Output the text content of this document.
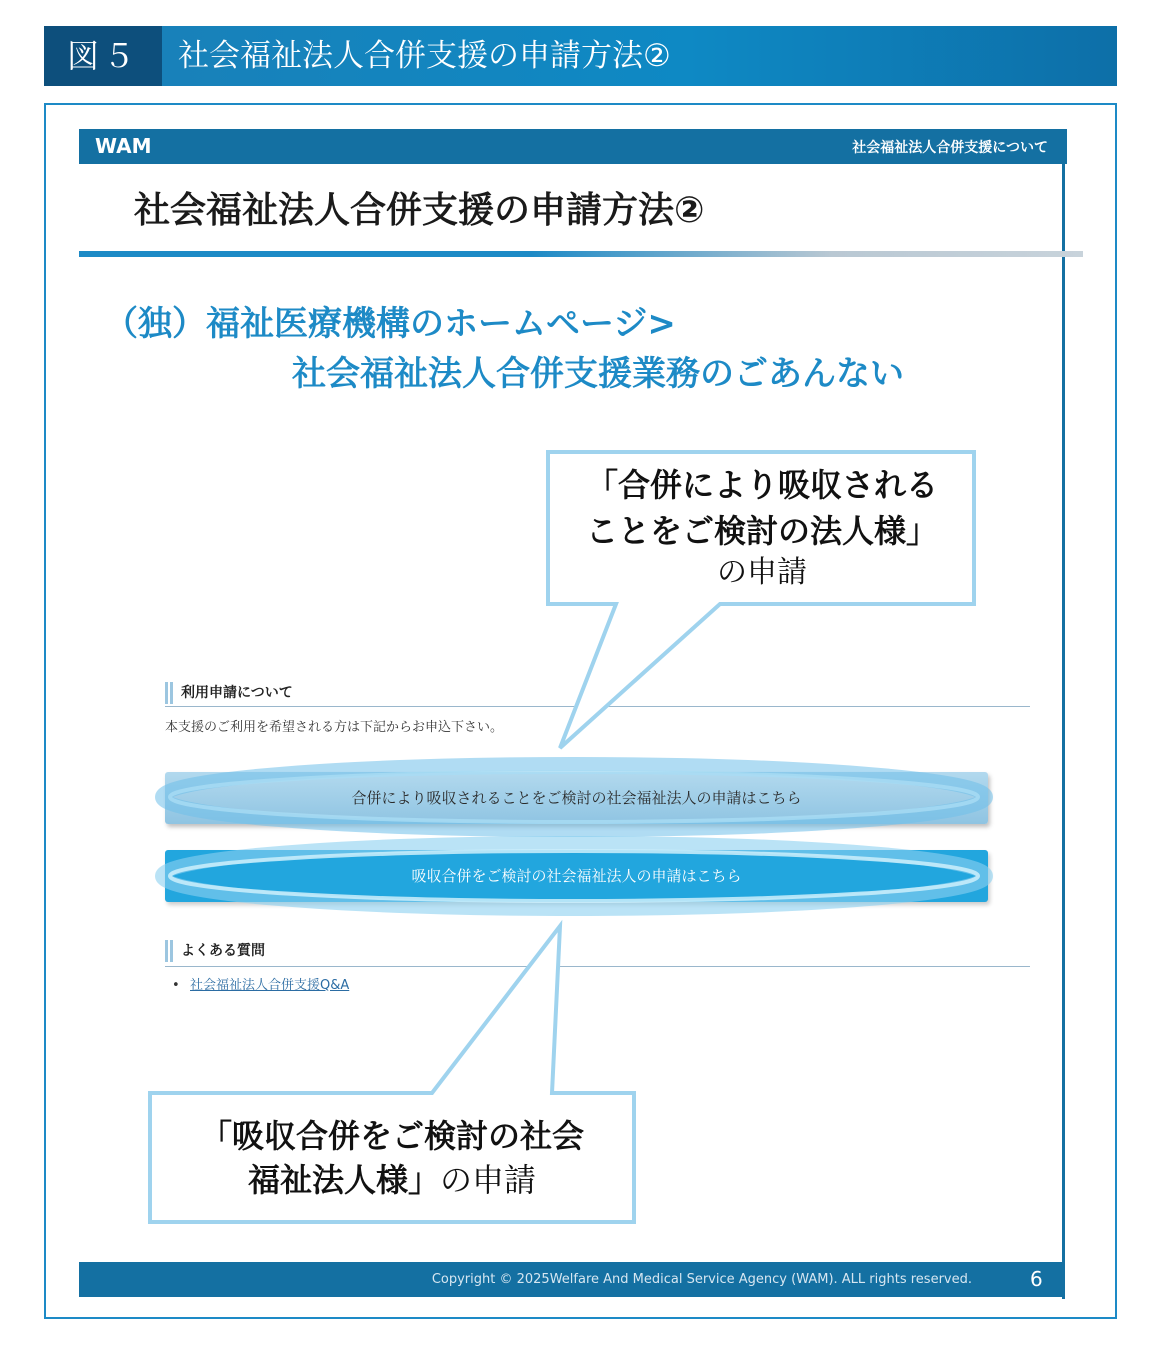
図５	社会福祉法人合併支援の申請方法②
WAM	社会福祉法人合併支援について
社会福祉法人合併支援の申請方法②
（独）福祉医療機構のホームページ>
社会福祉法人合併支援業務のごあんない
利用申請について
本支援のご利用を希望される方は下記からお申込下さい。
合併により吸収されることをご検討の社会福祉法人の申請はこちら
吸収合併をご検討の社会福祉法人の申請はこちら
よくある質問
• 社会福祉法人合併支援Q&A
「合併により吸収される
ことをご検討の法人様」
の申請
「吸収合併をご検討の社会
福祉法人様」の申請
Copyright © 2025Welfare And Medical Service Agency (WAM). ALL rights reserved.	6
